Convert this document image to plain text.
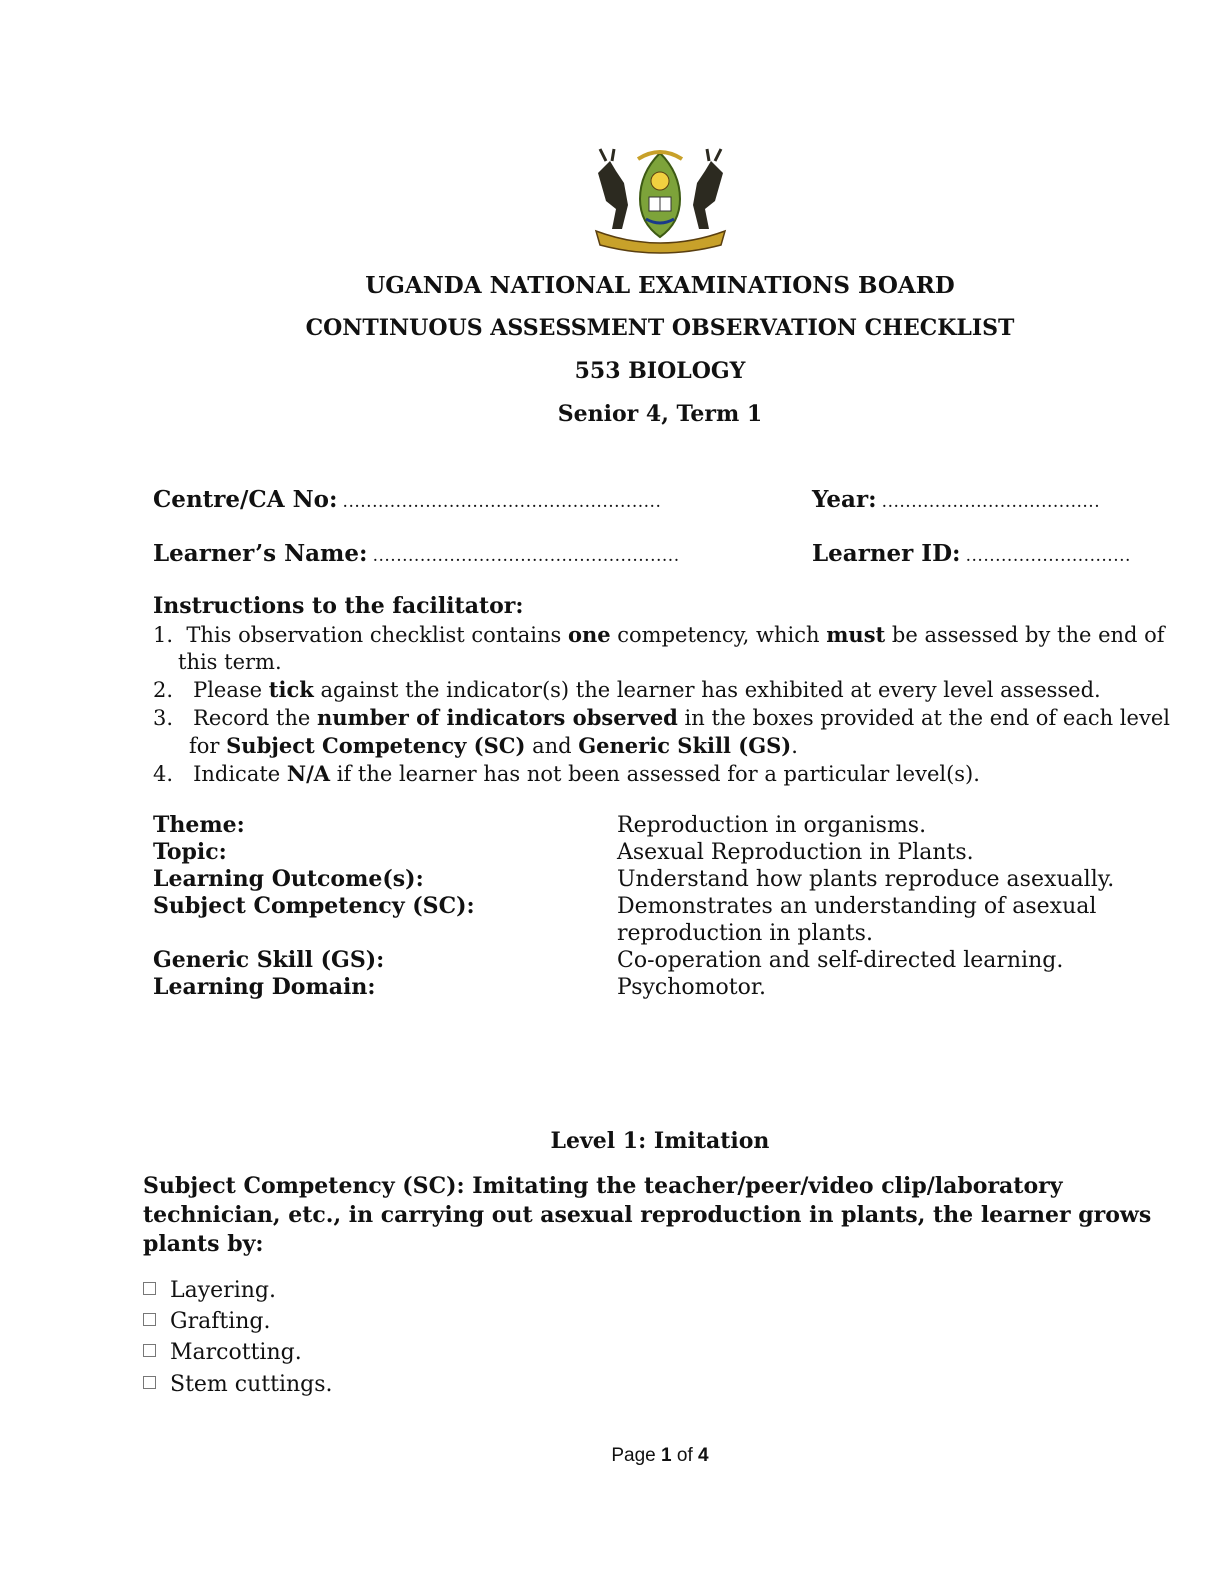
UGANDA NATIONAL EXAMINATIONS BOARD
CONTINUOUS ASSESSMENT OBSERVATION CHECKLIST
553 BIOLOGY
Senior 4, Term 1
Centre/CA No: ......................................................	Year: .....................................
Learner’s Name: ....................................................	Learner ID: ............................
Instructions to the facilitator:
1. This observation checklist contains one competency, which must be assessed by the end of
this term.
2. Please tick against the indicator(s) the learner has exhibited at every level assessed.
3. Record the number of indicators observed in the boxes provided at the end of each level
for Subject Competency (SC) and Generic Skill (GS).
4. Indicate N/A if the learner has not been assessed for a particular level(s).
Theme:	Reproduction in organisms.
Topic:	Asexual Reproduction in Plants.
Learning Outcome(s):	Understand how plants reproduce asexually.
Subject Competency (SC):	Demonstrates an understanding of asexual
reproduction in plants.
Generic Skill (GS):	Co-operation and self-directed learning.
Learning Domain:	Psychomotor.
Level 1: Imitation
Subject Competency (SC): Imitating the teacher/peer/video clip/laboratory
technician, etc., in carrying out asexual reproduction in plants, the learner grows
plants by:
Layering.
Grafting.
Marcotting.
Stem cuttings.
Page 1 of 4
